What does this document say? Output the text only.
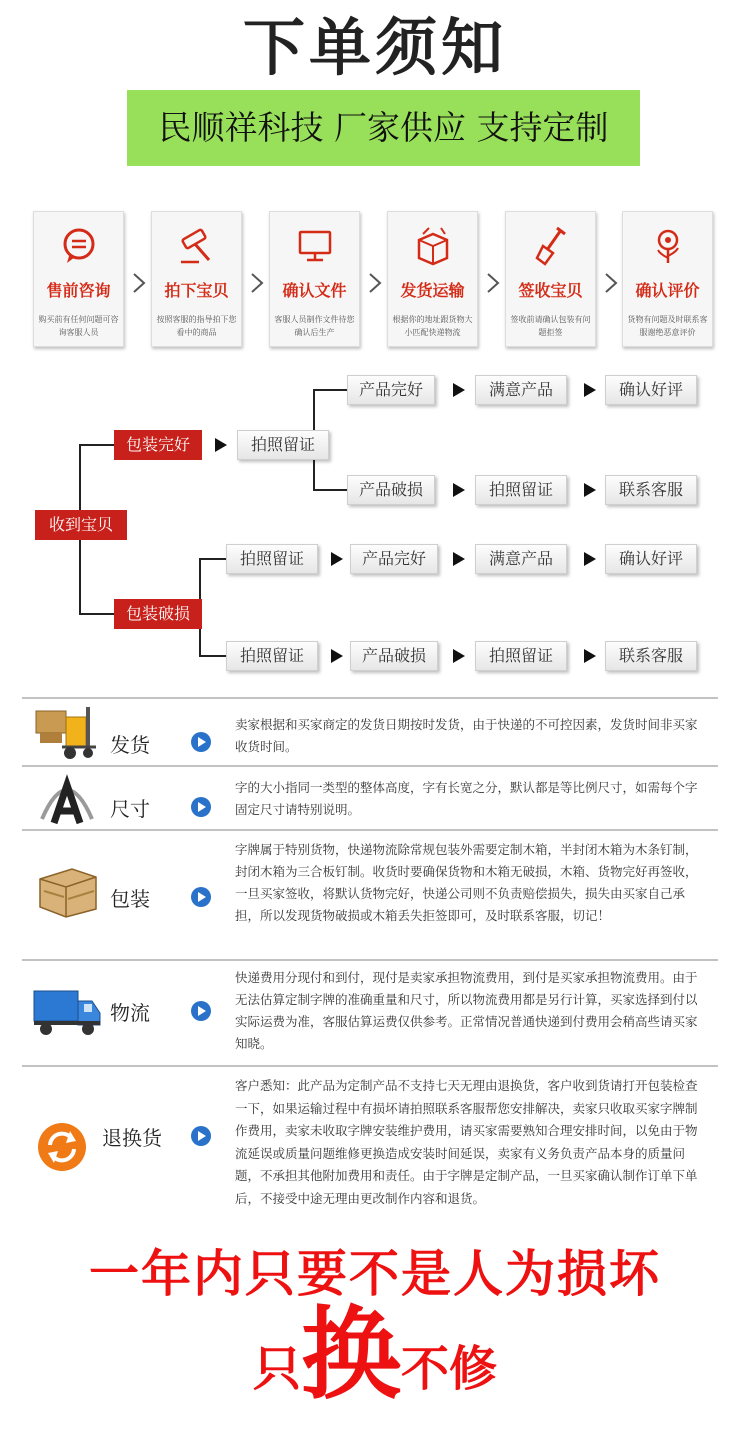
下单须知
民顺祥科技 厂家供应 支持定制
售前咨询
购买前有任何问题可咨询客服人员
拍下宝贝
按照客服的指导拍下您看中的商品
确认文件
客服人员制作文件待您确认后生产
发货运输
根据你的地址跟货物大小匹配快递物流
签收宝贝
签收前请确认包装有问题拒签
确认评价
货物有问题及时联系客服谢绝恶意评价
收到宝贝
包装完好
包装破损
拍照留证
产品完好	满意产品	确认好评
产品破损	拍照留证	联系客服
拍照留证	产品完好	满意产品	确认好评
拍照留证	产品破损	拍照留证	联系客服
发货
卖家根据和买家商定的发货日期按时发货，由于快递的不可控因素，发货时间非买家收货时间。
尺寸
字的大小指同一类型的整体高度，字有长宽之分，默认都是等比例尺寸，如需每个字固定尺寸请特别说明。
包装
字牌属于特别货物，快递物流除常规包装外需要定制木箱，半封闭木箱为木条钉制，封闭木箱为三合板钉制。收货时要确保货物和木箱无破损，木箱、货物完好再签收，一旦买家签收，将默认货物完好，快递公司则不负责赔偿损失，损失由买家自己承担，所以发现货物破损或木箱丢失拒签即可，及时联系客服，切记！
物流
快递费用分现付和到付，现付是卖家承担物流费用，到付是买家承担物流费用。由于无法估算定制字牌的准确重量和尺寸，所以物流费用都是另行计算，买家选择到付以实际运费为准，客服估算运费仅供参考。正常情况普通快递到付费用会稍高些请买家知晓。
退换货
客户悉知：此产品为定制产品不支持七天无理由退换货，客户收到货请打开包装检查一下，如果运输过程中有损坏请拍照联系客服帮您安排解决，卖家只收取买家字牌制作费用，卖家未收取字牌安装维护费用，请买家需要熟知合理安排时间，以免由于物流延误或质量问题维修更换造成安装时间延误，卖家有义务负责产品本身的质量问题，不承担其他附加费用和责任。由于字牌是定制产品，一旦买家确认制作订单下单后，不接受中途无理由更改制作内容和退货。
一年内只要不是人为损坏
只换不修
